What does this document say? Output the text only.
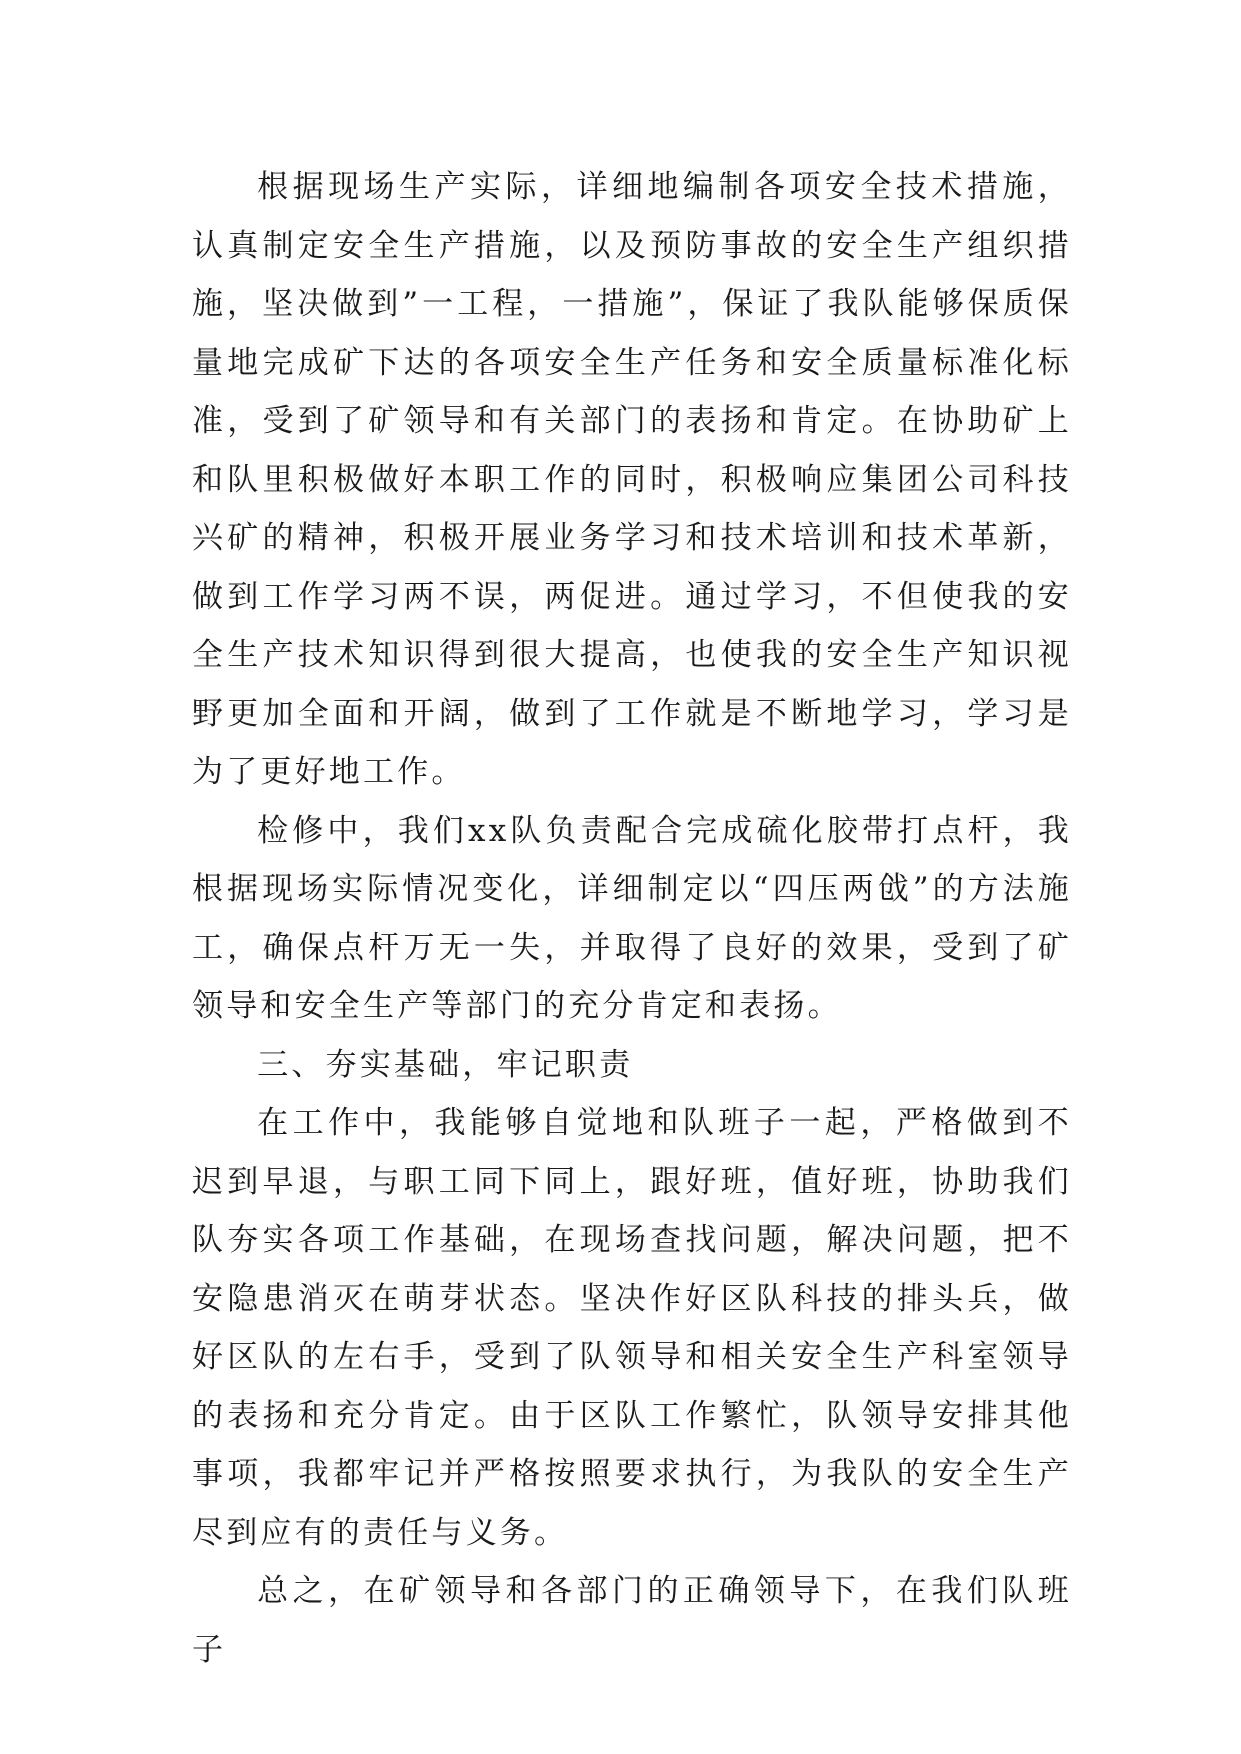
根据现场生产实际，详细地编制各项安全技术措施，认真制定安全生产措施，以及预防事故的安全生产组织措施，坚决做到”一工程，一措施”，保证了我队能够保质保量地完成矿下达的各项安全生产任务和安全质量标准化标准，受到了矿领导和有关部门的表扬和肯定。在协助矿上和队里积极做好本职工作的同时，积极响应集团公司科技兴矿的精神，积极开展业务学习和技术培训和技术革新，做到工作学习两不误，两促进。通过学习，不但使我的安全生产技术知识得到很大提高，也使我的安全生产知识视野更加全面和开阔，做到了工作就是不断地学习，学习是为了更好地工作。

检修中，我们xx队负责配合完成硫化胶带打点杆，我根据现场实际情况变化，详细制定以“四压两戗”的方法施工，确保点杆万无一失，并取得了良好的效果，受到了矿领导和安全生产等部门的充分肯定和表扬。

三、夯实基础，牢记职责

在工作中，我能够自觉地和队班子一起，严格做到不迟到早退，与职工同下同上，跟好班，值好班，协助我们队夯实各项工作基础，在现场查找问题，解决问题，把不安隐患消灭在萌芽状态。坚决作好区队科技的排头兵，做好区队的左右手，受到了队领导和相关安全生产科室领导的表扬和充分肯定。由于区队工作繁忙，队领导安排其他事项，我都牢记并严格按照要求执行，为我队的安全生产尽到应有的责任与义务。

总之，在矿领导和各部门的正确领导下，在我们队班子
